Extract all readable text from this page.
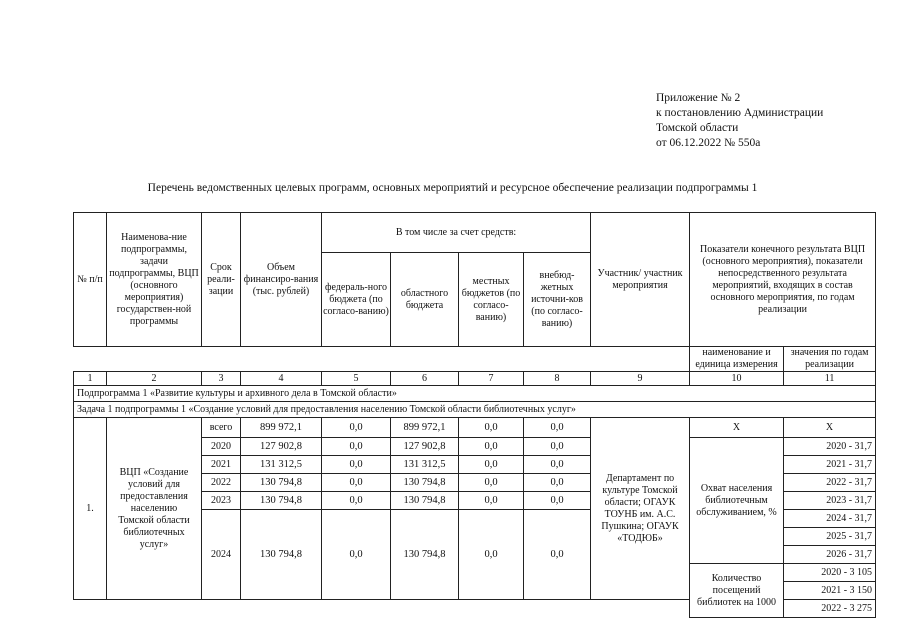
Приложение № 2
к постановлению Администрации
Томской области
от 06.12.2022 № 550а
Перечень ведомственных целевых программ, основных мероприятий и ресурсное обеспечение реализации подпрограммы 1
№ п/п	Наименова-ние подпрограммы, задачи подпрограммы, ВЦП (основного мероприятия) государствен-ной программы	Срок реали-зации	Объем финансиро-вания (тыс. рублей)	В том числе за счет средств:				Участник/ участник мероприятия	Показатели конечного результата ВЦП (основного мероприятия), показатели непосредственного результата мероприятий, входящих в состав основного мероприятия, по годам реализации	
				федераль-ного бюджета (по согласо-ванию)	областного бюджета	местных бюджетов (по согласо-ванию)	внебюд-жетных источни-ков (по согласо-ванию)			
									наименование и единица измерения	значения по годам реализации
1	2	3	4	5	6	7	8	9	10	11
Подпрограмма 1 «Развитие культуры и архивного дела в Томской области»										
Задача 1 подпрограммы 1 «Создание условий для предоставления населению Томской области библиотечных услуг»										
1.	ВЦП «Создание условий для предоставления населению Томской области библиотечных услуг»	всего	899 972,1	0,0	899 972,1	0,0	0,0	Департамент по культуре Томской области; ОГАУК ТОУНБ им. А.С. Пушкина; ОГАУК «ТОДЮБ»	Х	Х
		2020	127 902,8	0,0	127 902,8	0,0	0,0		Охват населения библиотечным обслуживанием, %	2020 - 31,7
		2021	131 312,5	0,0	131 312,5	0,0	0,0			2021 - 31,7
		2022	130 794,8	0,0	130 794,8	0,0	0,0			2022 - 31,7
		2023	130 794,8	0,0	130 794,8	0,0	0,0			2023 - 31,7
		2024	130 794,8	0,0	130 794,8	0,0	0,0			2024 - 31,7
										2025 - 31,7
										2026 - 31,7
									Количество посещений библиотек на 1000	2020 - 3 105
										2021 - 3 150
										2022 - 3 275
